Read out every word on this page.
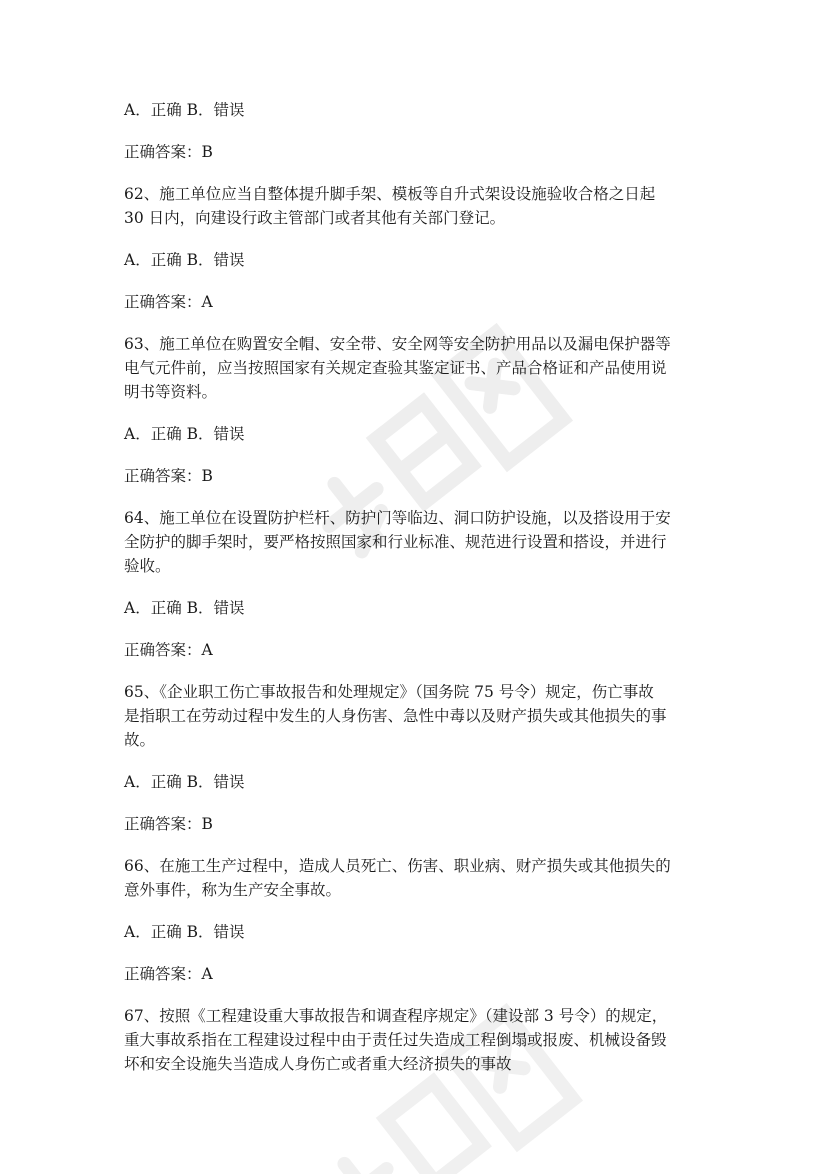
A．正确 B．错误

正确答案：B

62、施工单位应当自整体提升脚手架、模板等自升式架设设施验收合格之日起

30 日内，向建设行政主管部门或者其他有关部门登记。

A．正确 B．错误

正确答案：A

63、施工单位在购置安全帽、安全带、安全网等安全防护用品以及漏电保护器等

电气元件前，应当按照国家有关规定查验其鉴定证书、产品合格证和产品使用说

明书等资料。

A．正确 B．错误

正确答案：B

64、施工单位在设置防护栏杆、防护门等临边、洞口防护设施，以及搭设用于安

全防护的脚手架时，要严格按照国家和行业标准、规范进行设置和搭设，并进行

验收。

A．正确 B．错误

正确答案：A

65、《企业职工伤亡事故报告和处理规定》（国务院 75 号令）规定，伤亡事故

是指职工在劳动过程中发生的人身伤害、急性中毒以及财产损失或其他损失的事

故。

A．正确 B．错误

正确答案：B

66、在施工生产过程中，造成人员死亡、伤害、职业病、财产损失或其他损失的

意外事件，称为生产安全事故。

A．正确 B．错误

正确答案：A

67、按照《工程建设重大事故报告和调查程序规定》（建设部 3 号令）的规定，

重大事故系指在工程建设过程中由于责任过失造成工程倒塌或报废、机械设备毁

坏和安全设施失当造成人身伤亡或者重大经济损失的事故
